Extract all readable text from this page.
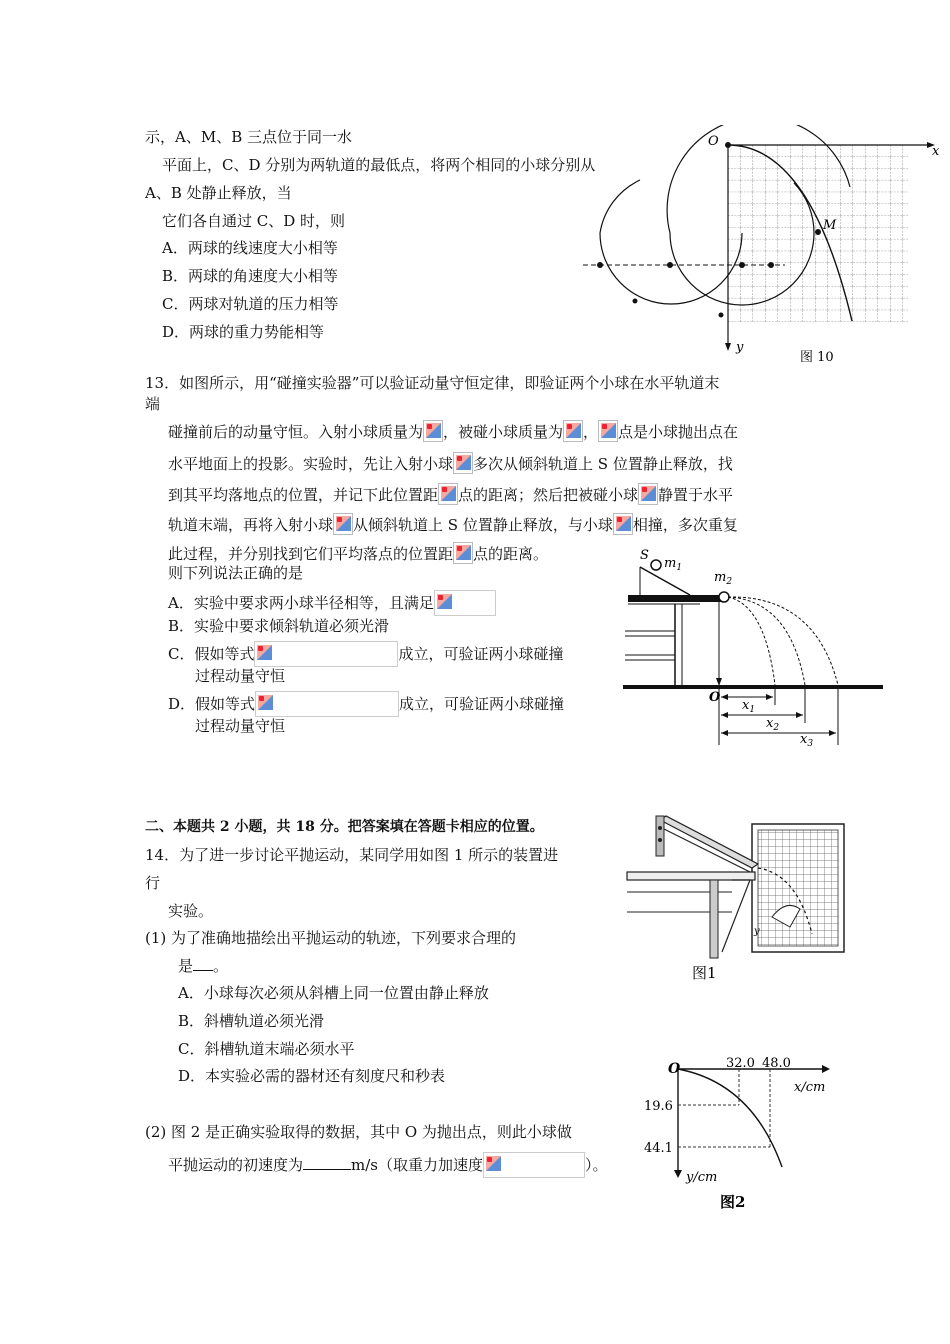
示，A、M、B 三点位于同一水
平面上，C、D 分别为两轨道的最低点，将两个相同的小球分别从
A、B 处静止释放，当
它们各自通过 C、D 时，则
A．两球的线速度大小相等
B．两球的角速度大小相等
C．两球对轨道的压力相等
D．两球的重力势能相等
M
O
x
y
图 10
13．如图所示，用“碰撞实验器”可以验证动量守恒定律，即验证两个小球在水平轨道末
端
碰撞前后的动量守恒。入射小球质量为 ，被碰小球质量为 ， 点是小球抛出点在
水平地面上的投影。实验时，先让入射小球 多次从倾斜轨道上 S 位置静止释放，找
到其平均落地点的位置，并记下此位置距 点的距离；然后把被碰小球 静置于水平
轨道末端，再将入射小球 从倾斜轨道上 S 位置静止释放，与小球 相撞，多次重复
此过程，并分别找到它们平均落点的位置距 点的距离。
则下列说法正确的是
A．实验中要求两小球半径相等，且满足
B．实验中要求倾斜轨道必须光滑
C．假如等式	成立，可验证两小球碰撞
过程动量守恒
D．假如等式	成立，可验证两小球碰撞
过程动量守恒
S
$m_1$
$m_2$
O
$x_1$
$x_2$
$x_3$
二、本题共 2 小题，共 18 分。把答案填在答题卡相应的位置。
14．为了进一步讨论平抛运动，某同学用如图 1 所示的装置进
行
实验。
(1) 为了准确地描绘出平抛运动的轨迹，下列要求合理的
是 。
A．小球每次必须从斜槽上同一位置由静止释放
B．斜槽轨道必须光滑
C．斜槽轨道末端必须水平
D．本实验必需的器材还有刻度尺和秒表
(2) 图 2 是正确实验取得的数据，其中 O 为抛出点，则此小球做
平抛运动的初速度为	m/s（取重力加速度	）。
y
图1
O	32.0 48.0
x/cm
19.6
44.1
y/cm
图2
